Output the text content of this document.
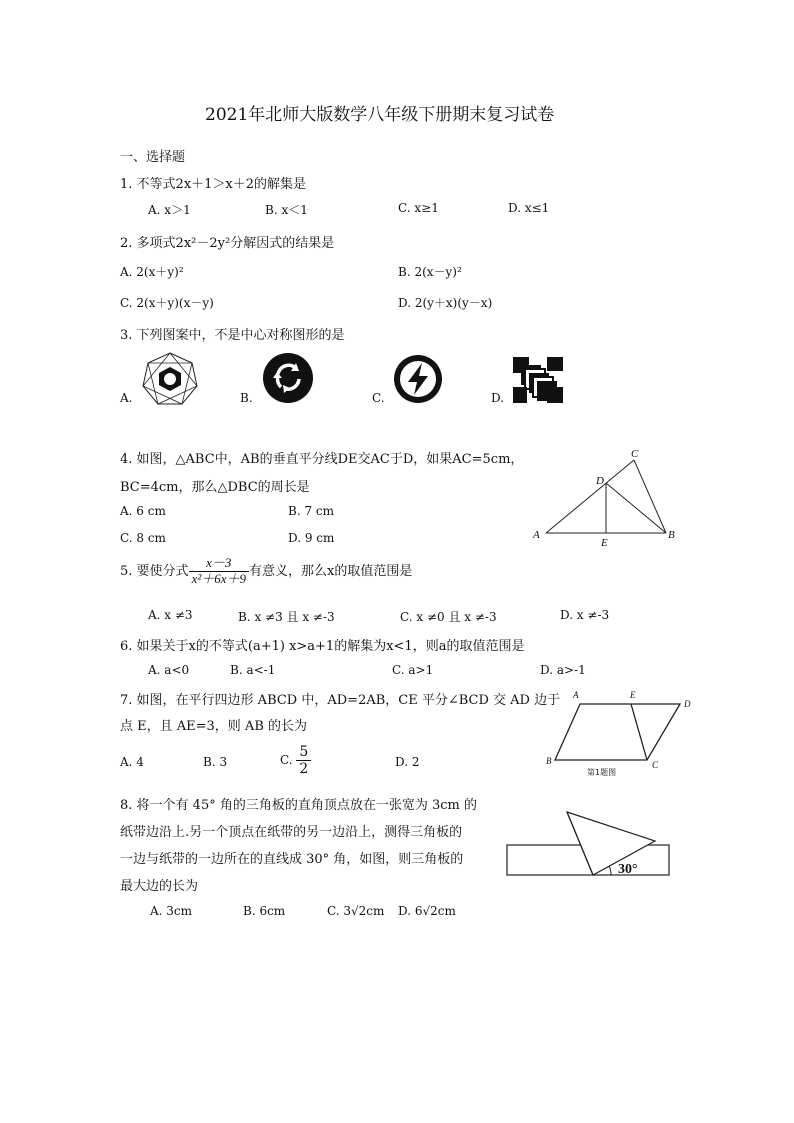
2021年北师大版数学八年级下册期末复习试卷
一、选择题
1. 不等式2x＋1＞x＋2的解集是
A. x＞1	B. x＜1	C. x≥1	D. x≤1
2. 多项式2x²－2y²分解因式的结果是
A. 2(x＋y)²	B. 2(x－y)²
C. 2(x＋y)(x－y)	D. 2(y＋x)(y－x)
3. 下列图案中，不是中心对称图形的是
A.	B.	C.	D.
4. 如图，△ABC中，AB的垂直平分线DE交AC于D，如果AC=5cm，
BC=4cm，那么△DBC的周长是
A. 6 cm	B. 7 cm
C. 8 cm	D. 9 cm	A	B
C
D
E
5. 要使分式 $\frac{x-3}{\text{x²＋6x＋9}}$ 有意义，那么x的取值范围是
A. x ≠3	B. x ≠3 且 x ≠-3	C. x ≠0 且 x ≠-3	D. x ≠-3
6. 如果关于x的不等式(a+1) x>a+1的解集为x<1，则a的取值范围是
A. a<0	B. a<-1	C. a>1	D. a>-1
7. 如图，在平行四边形 ABCD 中，AD=2AB，CE 平分∠BCD 交 AD 边于
点 E，且 AE=3，则 AB 的长为
A. 4	B. 3	C. $\frac{5}{2}$	D. 2
A	E
D
B	C
第1题图
8. 将一个有 45° 角的三角板的直角顶点放在一张宽为 3cm 的
纸带边沿上.另一个顶点在纸带的另一边沿上，测得三角板的
一边与纸带的一边所在的直线成 30° 角，如图，则三角板的
最大边的长为
A. 3cm	B. 6cm	C. 3√2cm D. 6√2cm
30°
